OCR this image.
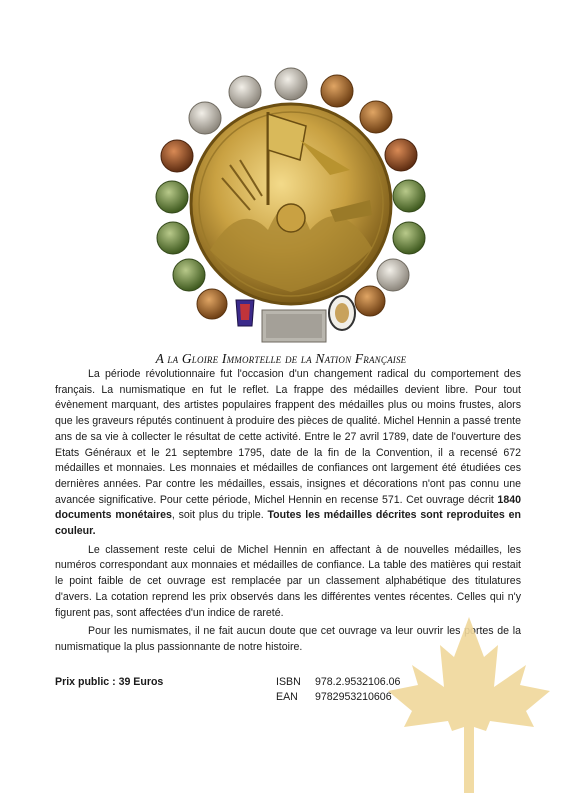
A la Gloire Immortelle de la Nation Française

La période révolutionnaire fut l'occasion d'un changement radical du comportement des français. La numismatique en fut le reflet. La frappe des médailles devient libre. Pour tout évènement marquant, des artistes populaires frappent des médailles plus ou moins frustes, alors que les graveurs réputés continuent à produire des pièces de qualité. Michel Hennin a passé trente ans de sa vie à collecter le résultat de cette activité. Entre le 27 avril 1789, date de l'ouverture des Etats Généraux et le 21 septembre 1795, date de la fin de la Convention, il a recensé 672 médailles et monnaies. Les monnaies et médailles de confiances ont largement été étudiées ces dernières années. Par contre les médailles, essais, insignes et décorations n'ont pas connu une avancée significative. Pour cette période, Michel Hennin en recense 571. Cet ouvrage décrit 1840 documents monétaires, soit plus du triple. Toutes les médailles décrites sont reproduites en couleur.

Le classement reste celui de Michel Hennin en affectant à de nouvelles médailles, les numéros correspondant aux monnaies et médailles de confiance. La table des matières qui restait le point faible de cet ouvrage est remplacée par un classement alphabétique des titulatures d'avers. La cotation reprend les prix observés dans les différentes ventes récentes. Celles qui n'y figurent pas, sont affectées d'un indice de rareté.

Pour les numismates, il ne fait aucun doute que cet ouvrage va leur ouvrir les portes de la numismatique la plus passionnante de notre histoire.

Prix public : 39 Euros	ISBN 978.2.9532106.06
EAN 9782953210606
